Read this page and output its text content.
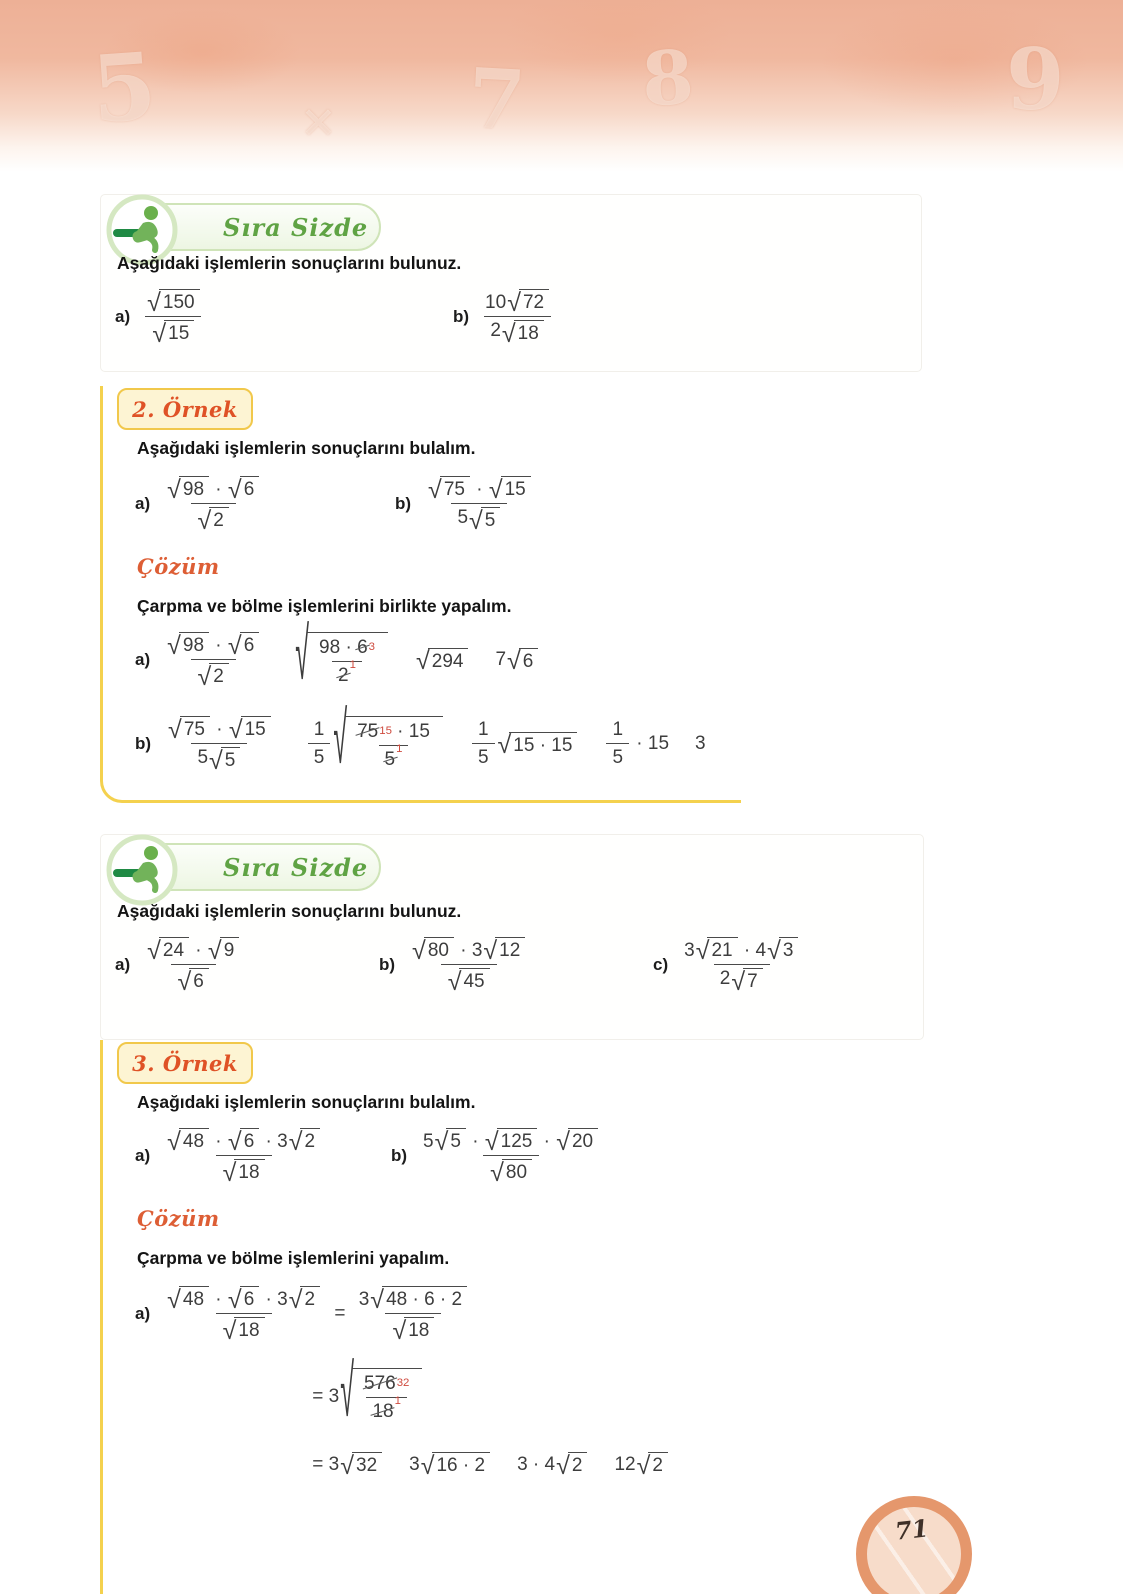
5	× 7 8	9
Sıra Sizde

Aşağıdaki işlemlerin sonuçlarını bulunuz.

a) √ 150
√ 15
b)
10 √ 72
2 √ 18
2. Örnek

Aşağıdaki işlemlerin sonuçlarını bulalım.

a) √ 98 · √ 6
√ 2
b) √ 75 · √ 15
5 √ 5

Çözüm

Çarpma ve bölme işlemlerini birlikte yapalım.

a) √ 98 · √ 6
√ 2	√ 98 · 6 3
2 1 √ 294 7 √ 6
b) √ 75 · √ 15
5 √ 5
1
5 √ 75 15 · 15
5 1
1
5 √ 15 · 15
1
5
· 15 3
Sıra Sizde

Aşağıdaki işlemlerin sonuçlarını bulunuz.

a) √ 24 · √ 9
√ 6
b) √ 80 · 3 √ 12
√ 45
c)
3 √ 21 · 4 √ 3
2 √ 7
3. Örnek

Aşağıdaki işlemlerin sonuçlarını bulalım.

a) √ 48 · √ 6 · 3 √ 2
√ 18
b)
5 √ 5 · √ 125 · √ 20
√ 80

Çözüm

Çarpma ve bölme işlemlerini yapalım.

$a) \frac{√ 48 \cdot √ 6 \cdot 3 √ 2}{√ 18} = \frac{3 √ 48 \cdot 6 \cdot 2}{√ 18}$
= 3 √ 576 32
18 1
= 3 √ 32 3 √ 16 · 2 3 · 4 √ 2 12 √ 2
71
